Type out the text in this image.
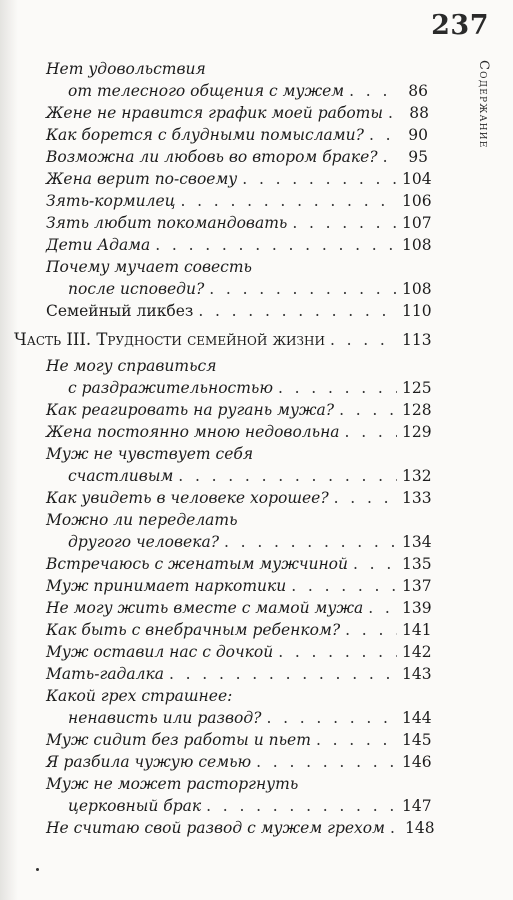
237
Содержание
Нет удовольствия
от телесного общения с мужем . . .	86
Жене не нравится график моей работы . . .	88
Как борется с блудными помыслами? . . .	90
Возможна ли любовь во втором браке? . . .	95
Жена верит по-своему . . .	104
Зять-кормилец . . .	106
Зять любит покомандовать . . .	107
Дети Адама . . .	108
Почему мучает совесть
после исповеди? . . .	108
Семейный ликбез . . .	110
Часть III. Трудности семейной жизни . . .	113
Не могу справиться
с раздражительностью . . .	125
Как реагировать на ругань мужа? . . .	128
Жена постоянно мною недовольна . . .	129
Муж не чувствует себя
счастливым . . .	132
Как увидеть в человеке хорошее? . . .	133
Можно ли переделать
другого человека? . . .	134
Встречаюсь с женатым мужчиной . . .	135
Муж принимает наркотики . . .	137
Не могу жить вместе с мамой мужа . . .	139
Как быть с внебрачным ребенком? . . .	141
Муж оставил нас с дочкой . . .	142
Мать-гадалка . . .	143
Какой грех страшнее:
ненависть или развод? . . .	144
Муж сидит без работы и пьет . . .	145
Я разбила чужую семью . . .	146
Муж не может расторгнуть
церковный брак . . .	147
Не считаю свой развод с мужем грехом . . . 148
